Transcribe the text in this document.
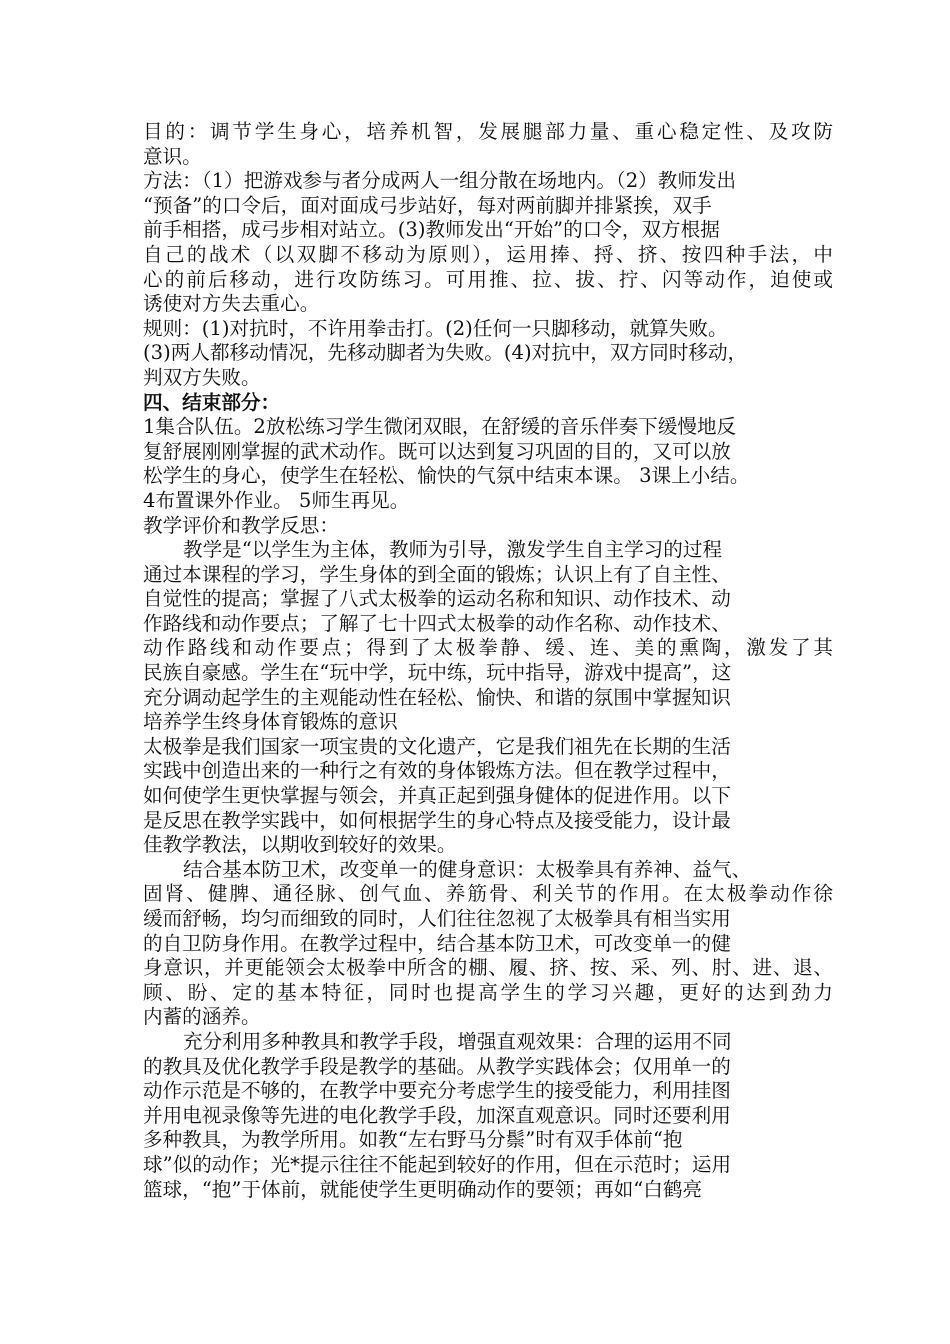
目的：调节学生身心，培养机智，发展腿部力量、重心稳定性、及攻防
意识。
方法：（1）把游戏参与者分成两人一组分散在场地内。（2）教师发出
“预备”的口令后，面对面成弓步站好，每对两前脚并排紧挨，双手
前手相搭，成弓步相对站立。(3)教师发出“开始”的口令，双方根据
自己的战术（以双脚不移动为原则），运用捧、捋、挤、按四种手法，中
心的前后移动，进行攻防练习。可用推、拉、拔、拧、闪等动作，迫使或
诱使对方失去重心。
规则：(1)对抗时，不许用拳击打。(2)任何一只脚移动，就算失败。
(3)两人都移动情况，先移动脚者为失败。(4)对抗中，双方同时移动，
判双方失败。
四、结束部分：
1集合队伍。2放松练习学生微闭双眼，在舒缓的音乐伴奏下缓慢地反
复舒展刚刚掌握的武术动作。既可以达到复习巩固的目的，又可以放
松学生的身心，使学生在轻松、愉快的气氛中结束本课。 3课上小结。
4布置课外作业。 5师生再见。
教学评价和教学反思：
教学是“以学生为主体，教师为引导，激发学生自主学习的过程
通过本课程的学习，学生身体的到全面的锻炼；认识上有了自主性、
自觉性的提高；掌握了八式太极拳的运动名称和知识、动作技术、动
作路线和动作要点；了解了七十四式太极拳的动作名称、动作技术、
动作路线和动作要点；得到了太极拳静、缓、连、美的熏陶，激发了其
民族自豪感。学生在“玩中学，玩中练，玩中指导，游戏中提高”，这
充分调动起学生的主观能动性在轻松、愉快、和谐的氛围中掌握知识
培养学生终身体育锻炼的意识
太极拳是我们国家一项宝贵的文化遗产，它是我们祖先在长期的生活
实践中创造出来的一种行之有效的身体锻炼方法。但在教学过程中，
如何使学生更快掌握与领会，并真正起到强身健体的促进作用。以下
是反思在教学实践中，如何根据学生的身心特点及接受能力，设计最
佳教学教法，以期收到较好的效果。
结合基本防卫术，改变单一的健身意识：太极拳具有养神、益气、
固肾、健脾、通径脉、创气血、养筋骨、利关节的作用。在太极拳动作徐
缓而舒畅，均匀而细致的同时，人们往往忽视了太极拳具有相当实用
的自卫防身作用。在教学过程中，结合基本防卫术，可改变单一的健
身意识，并更能领会太极拳中所含的棚、履、挤、按、采、列、肘、进、退、
顾、盼、定的基本特征，同时也提高学生的学习兴趣，更好的达到劲力
内蓄的涵养。
充分利用多种教具和教学手段，增强直观效果：合理的运用不同
的教具及优化教学手段是教学的基础。从教学实践体会；仅用单一的
动作示范是不够的，在教学中要充分考虑学生的接受能力，利用挂图
并用电视录像等先进的电化教学手段，加深直观意识。同时还要利用
多种教具，为教学所用。如教“左右野马分鬃”时有双手体前“抱
球”似的动作；光*提示往往不能起到较好的作用，但在示范时；运用
篮球，“抱”于体前，就能使学生更明确动作的要领；再如“白鹤亮
